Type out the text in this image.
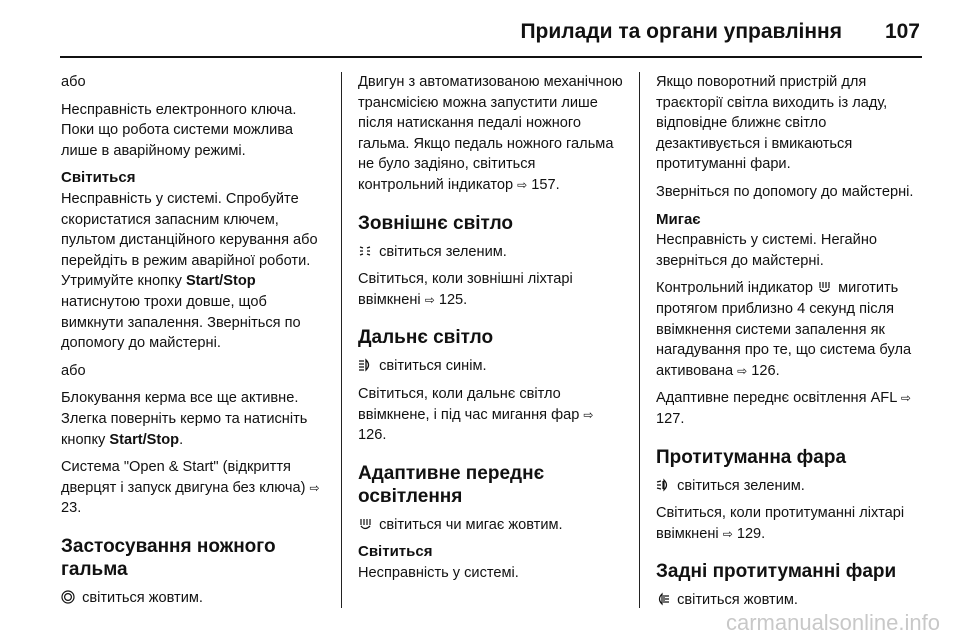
Прилади та органи управління 107

або

Несправність електронного ключа. Поки що робота системи можлива лише в аварійному режимі.

Світиться

Несправність у системі. Спробуйте скористатися запасним ключем, пультом дистанційного керування або перейдіть в режим аварійної роботи. Утримуйте кнопку Start/Stop натиснутою трохи довше, щоб вимкнути запалення. Зверніться по допомогу до майстерні.

або

Блокування керма все ще активне. Злегка поверніть кермо та натисніть кнопку Start/Stop.

Система "Open & Start" (відкриття дверцят і запуск двигуна без ключа) ⇨ 23.

Застосування ножного гальма

світиться жовтим.

Двигун з автоматизованою механічною трансмісією можна запустити лише після натискання педалі ножного гальма. Якщо педаль ножного гальма не було задіяно, світиться контрольний індикатор ⇨ 157.

Зовнішнє світло

світиться зеленим.

Світиться, коли зовнішні ліхтарі ввімкнені ⇨ 125.

Дальнє світло

світиться синім.

Світиться, коли дальнє світло ввімкнене, і під час мигання фар ⇨ 126.

Адаптивне переднє освітлення

світиться чи мигає жовтим.

Світиться

Несправність у системі.

Якщо поворотний пристрій для траєкторії світла виходить із ладу, відповідне ближнє світло дезактивується і вмикаються протитуманні фари.

Зверніться по допомогу до майстерні.

Мигає

Несправність у системі. Негайно зверніться до майстерні.

Контрольний індикатор  миготить протягом приблизно 4 секунд після ввімкнення системи запалення як нагадування про те, що система була активована ⇨ 126.

Адаптивне переднє освітлення AFL ⇨ 127.

Протитуманна фара

світиться зеленим.

Світиться, коли протитуманні ліхтарі ввімкнені ⇨ 129.

Задні протитуманні фари

світиться жовтим.

carmanualsonline.info
